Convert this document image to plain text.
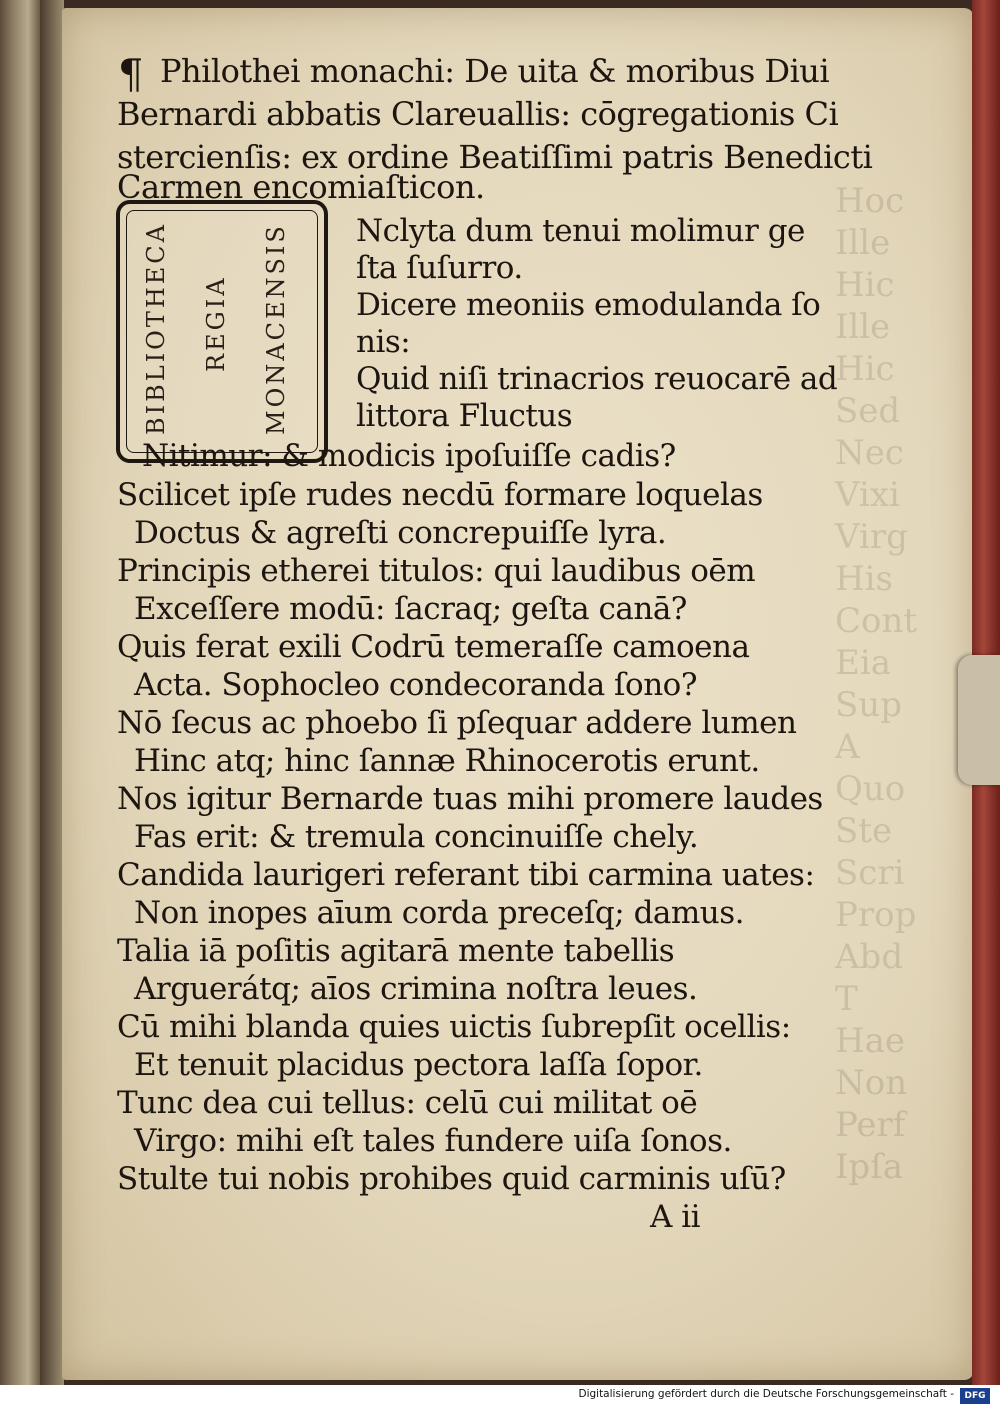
Hoc
Ille
Hic
Ille
Hic
Sed
Nec
Vixi
Virg
His
Cont
Eia
Sup
A
Quo
Ste
Scri
Prop
Abd
T
Hae
Non
Perf
Ipſa
¶ Philothei monachi: De uita & moribus Diui
Bernardi abbatis Clareuallis: cōgregationis Ci
stercienſis: ex ordine Beatiſſimi patris Benedicti
Carmen encomiaſticon.
BIBLIOTHECA	REGIA	MONACENSIS	Nclyta dum tenui molimur ge
ſta ſuſurro.
Dicere meoniis emodulanda ſo
nis:
Quid niſi trinacrios reuocarē ad
littora Fluctus
Nitimur: & modicis ipoſuiſſe cadis?
Scilicet ipſe rudes necdū formare loquelas
Doctus & agreſti concrepuiſſe lyra.
Principis etherei titulos: qui laudibus oēm
Exceſſere modū: ſacraq; geſta canā?
Quis ferat exili Codrū temeraſſe camoena
Acta. Sophocleo condecoranda ſono?
Nō ſecus ac phoebo ſi pſequar addere lumen
Hinc atq; hinc ſannæ Rhinocerotis erunt.
Nos igitur Bernarde tuas mihi promere laudes
Fas erit: & tremula concinuiſſe chely.
Candida laurigeri referant tibi carmina uates:
Non inopes aīum corda preceſq; damus.
Talia iā poſitis agitarā mente tabellis
Arguerátq; aīos crimina noſtra leues.
Cū mihi blanda quies uictis ſubrepſit ocellis:
Et tenuit placidus pectora laſſa ſopor.
Tunc dea cui tellus: celū cui militat oē
Virgo: mihi eſt tales fundere uiſa ſonos.
Stulte tui nobis prohibes quid carminis uſū?
A ii
Digitalisierung gefördert durch die Deutsche Forschungsgemeinschaft -	DFG
